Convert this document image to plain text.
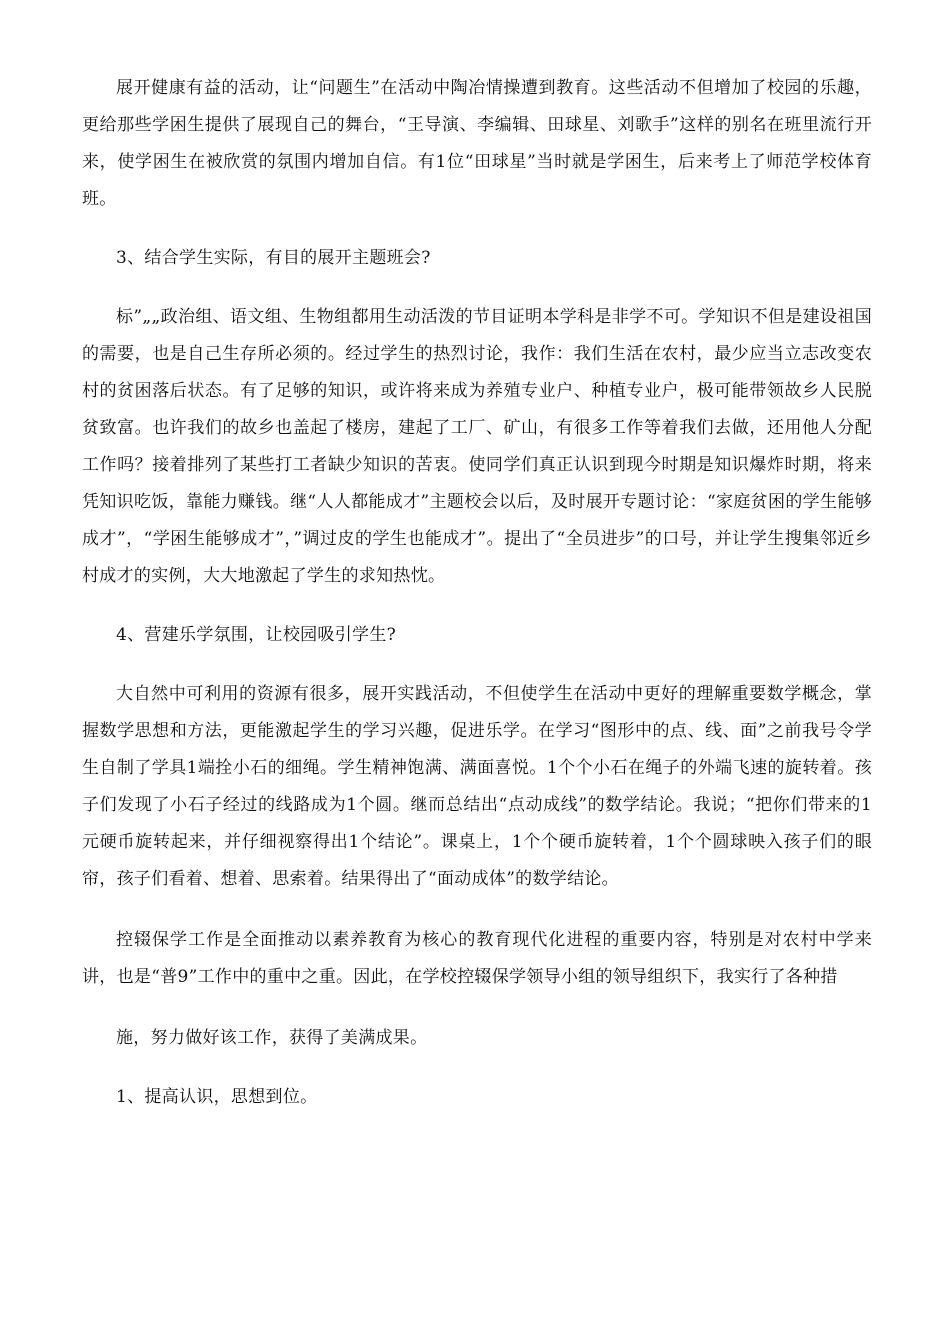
展开健康有益的活动，让“问题生”在活动中陶冶情操遭到教育。这些活动不但增加了校园的乐趣，更给那些学困生提供了展现自己的舞台，“王导演、李编辑、田球星、刘歌手”这样的别名在班里流行开来，使学困生在被欣赏的氛围内增加自信。有1位“田球星”当时就是学困生，后来考上了师范学校体育班。

3、结合学生实际，有目的展开主题班会?

标”„„政治组、语文组、生物组都用生动活泼的节目证明本学科是非学不可。学知识不但是建设祖国的需要，也是自己生存所必须的。经过学生的热烈讨论，我作：我们生活在农村，最少应当立志改变农村的贫困落后状态。有了足够的知识，或许将来成为养殖专业户、种植专业户，极可能带领故乡人民脱贫致富。也许我们的故乡也盖起了楼房，建起了工厂、矿山，有很多工作等着我们去做，还用他人分配工作吗？接着排列了某些打工者缺少知识的苦衷。使同学们真正认识到现今时期是知识爆炸时期，将来凭知识吃饭，靠能力赚钱。继“人人都能成才”主题校会以后，及时展开专题讨论：“家庭贫困的学生能够成才”，“学困生能够成才”，”调过皮的学生也能成才”。提出了“全员进步”的口号，并让学生搜集邻近乡村成才的实例，大大地激起了学生的求知热忱。

4、营建乐学氛围，让校园吸引学生?

大自然中可利用的资源有很多，展开实践活动，不但使学生在活动中更好的理解重要数学概念，掌握数学思想和方法，更能激起学生的学习兴趣，促进乐学。在学习“图形中的点、线、面”之前我号令学生自制了学具1端拴小石的细绳。学生精神饱满、满面喜悦。1个个小石在绳子的外端飞速的旋转着。孩子们发现了小石子经过的线路成为1个圆。继而总结出“点动成线”的数学结论。我说；“把你们带来的1元硬币旋转起来，并仔细视察得出1个结论”。课桌上，1个个硬币旋转着，1个个圆球映入孩子们的眼帘，孩子们看着、想着、思索着。结果得出了“面动成体”的数学结论。

控辍保学工作是全面推动以素养教育为核心的教育现代化进程的重要内容，特别是对农村中学来讲，也是“普9”工作中的重中之重。因此，在学校控辍保学领导小组的领导组织下，我实行了各种措

施，努力做好该工作，获得了美满成果。

1、提高认识，思想到位。
